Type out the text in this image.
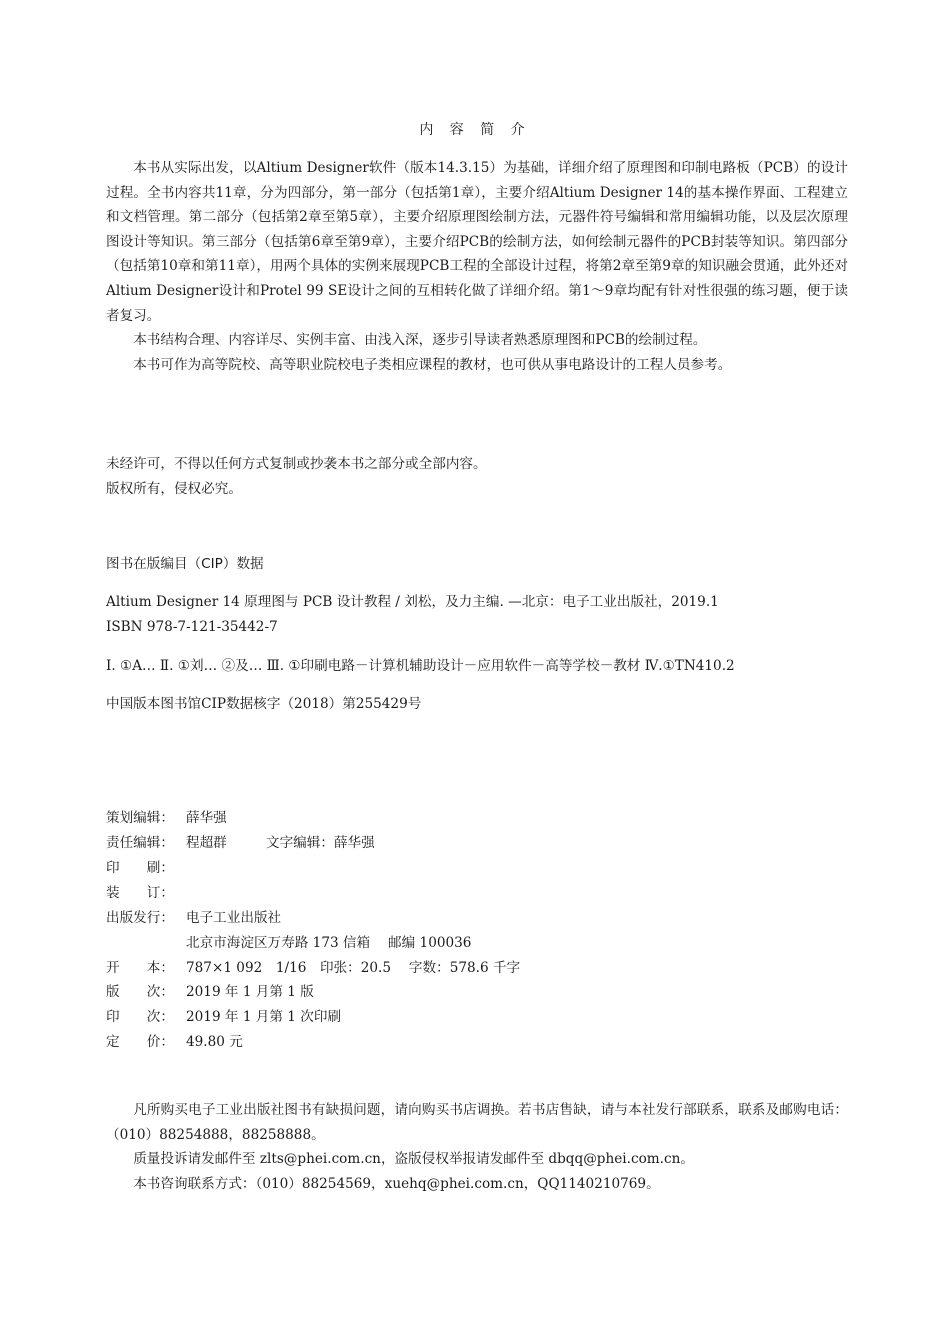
内 容 简 介

本书从实际出发，以Altium Designer软件（版本14.3.15）为基础，详细介绍了原理图和印制电路板（PCB）的设计过程。全书内容共11章，分为四部分，第一部分（包括第1章），主要介绍Altium Designer 14的基本操作界面、工程建立和文档管理。第二部分（包括第2章至第5章），主要介绍原理图绘制方法，元器件符号编辑和常用编辑功能，以及层次原理图设计等知识。第三部分（包括第6章至第9章），主要介绍PCB的绘制方法，如何绘制元器件的PCB封装等知识。第四部分（包括第10章和第11章），用两个具体的实例来展现PCB工程的全部设计过程，将第2章至第9章的知识融会贯通，此外还对Altium Designer设计和Protel 99 SE设计之间的互相转化做了详细介绍。第1～9章均配有针对性很强的练习题，便于读者复习。

本书结构合理、内容详尽、实例丰富、由浅入深，逐步引导读者熟悉原理图和PCB的绘制过程。

本书可作为高等院校、高等职业院校电子类相应课程的教材，也可供从事电路设计的工程人员参考。

未经许可，不得以任何方式复制或抄袭本书之部分或全部内容。
版权所有，侵权必究。
图书在版编目（CIP）数据
Altium Designer 14 原理图与 PCB 设计教程 / 刘松，及力主编. —北京：电子工业出版社，2019.1
ISBN 978-7-121-35442-7
Ⅰ. ①A… Ⅱ. ①刘… ②及… Ⅲ. ①印刷电路－计算机辅助设计－应用软件－高等学校－教材 Ⅳ.①TN410.2
中国版本图书馆CIP数据核字（2018）第255429号
策划编辑： 薛华强
责任编辑： 程超群	文字编辑：薛华强
印　　刷：
装　　订：
出版发行： 电子工业出版社
北京市海淀区万寿路 173 信箱　 邮编 100036
开　　本： 787×1 092　1/16　印张：20.5　 字数：578.6 千字
版　　次： 2019 年 1 月第 1 版
印　　次： 2019 年 1 月第 1 次印刷
定　　价： 49.80 元

凡所购买电子工业出版社图书有缺损问题，请向购买书店调换。若书店售缺，请与本社发行部联系，联系及邮购电话：（010）88254888，88258888。

质量投诉请发邮件至 zlts@phei.com.cn，盗版侵权举报请发邮件至 dbqq@phei.com.cn。

本书咨询联系方式：（010）88254569，xuehq@phei.com.cn，QQ1140210769。
